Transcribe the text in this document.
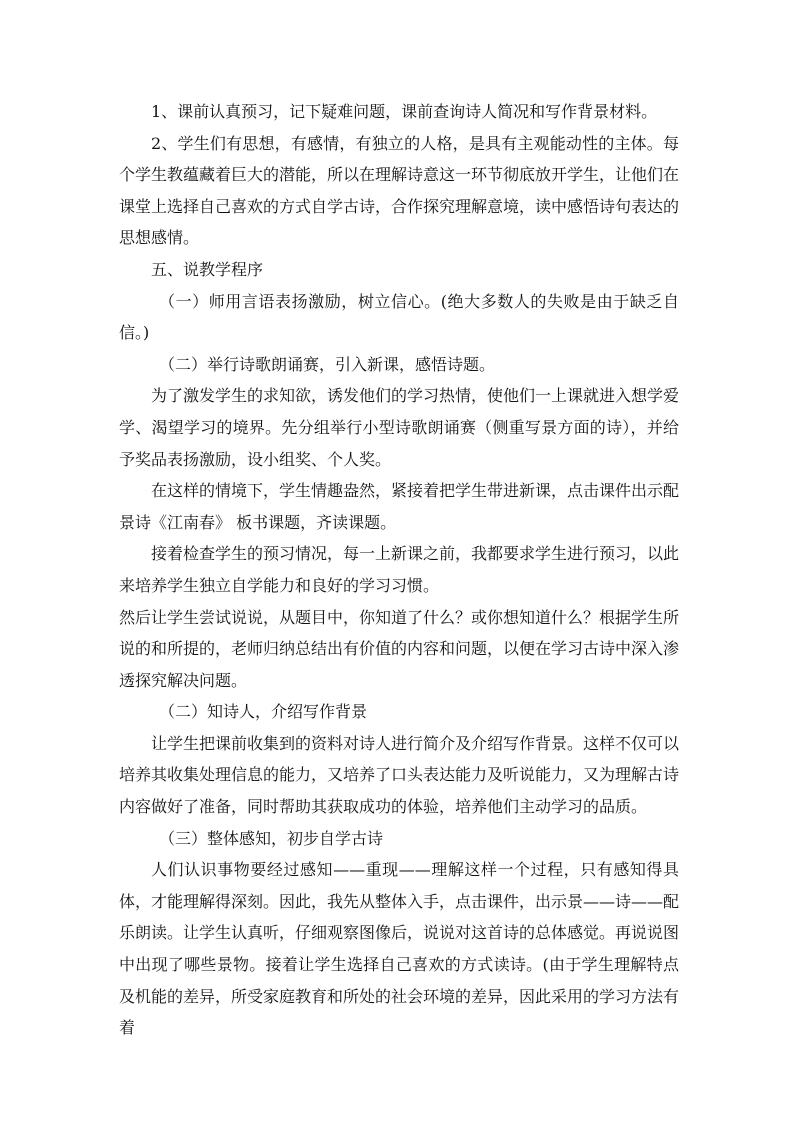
1、课前认真预习，记下疑难问题，课前查询诗人简况和写作背景材料。

2、学生们有思想，有感情，有独立的人格，是具有主观能动性的主体。每个学生教蕴藏着巨大的潜能，所以在理解诗意这一环节彻底放开学生，让他们在课堂上选择自己喜欢的方式自学古诗，合作探究理解意境，读中感悟诗句表达的思想感情。

五、说教学程序

（一）师用言语表扬激励，树立信心。(绝大多数人的失败是由于缺乏自信。)

（二）举行诗歌朗诵赛，引入新课，感悟诗题。

为了激发学生的求知欲，诱发他们的学习热情，使他们一上课就进入想学爱学、渴望学习的境界。先分组举行小型诗歌朗诵赛（侧重写景方面的诗），并给予奖品表扬激励，设小组奖、个人奖。

在这样的情境下，学生情趣盎然，紧接着把学生带进新课，点击课件出示配景诗《江南春》 板书课题，齐读课题。

接着检查学生的预习情况，每一上新课之前，我都要求学生进行预习，以此来培养学生独立自学能力和良好的学习习惯。

然后让学生尝试说说，从题目中，你知道了什么？或你想知道什么？根据学生所说的和所提的，老师归纳总结出有价值的内容和问题，以便在学习古诗中深入渗透探究解决问题。

（二）知诗人，介绍写作背景

让学生把课前收集到的资料对诗人进行简介及介绍写作背景。这样不仅可以培养其收集处理信息的能力，又培养了口头表达能力及听说能力，又为理解古诗内容做好了准备，同时帮助其获取成功的体验，培养他们主动学习的品质。

（三）整体感知，初步自学古诗

人们认识事物要经过感知——重现——理解这样一个过程，只有感知得具体，才能理解得深刻。因此，我先从整体入手，点击课件，出示景——诗——配乐朗读。让学生认真听，仔细观察图像后，说说对这首诗的总体感觉。再说说图中出现了哪些景物。接着让学生选择自己喜欢的方式读诗。(由于学生理解特点及机能的差异，所受家庭教育和所处的社会环境的差异，因此采用的学习方法有着
